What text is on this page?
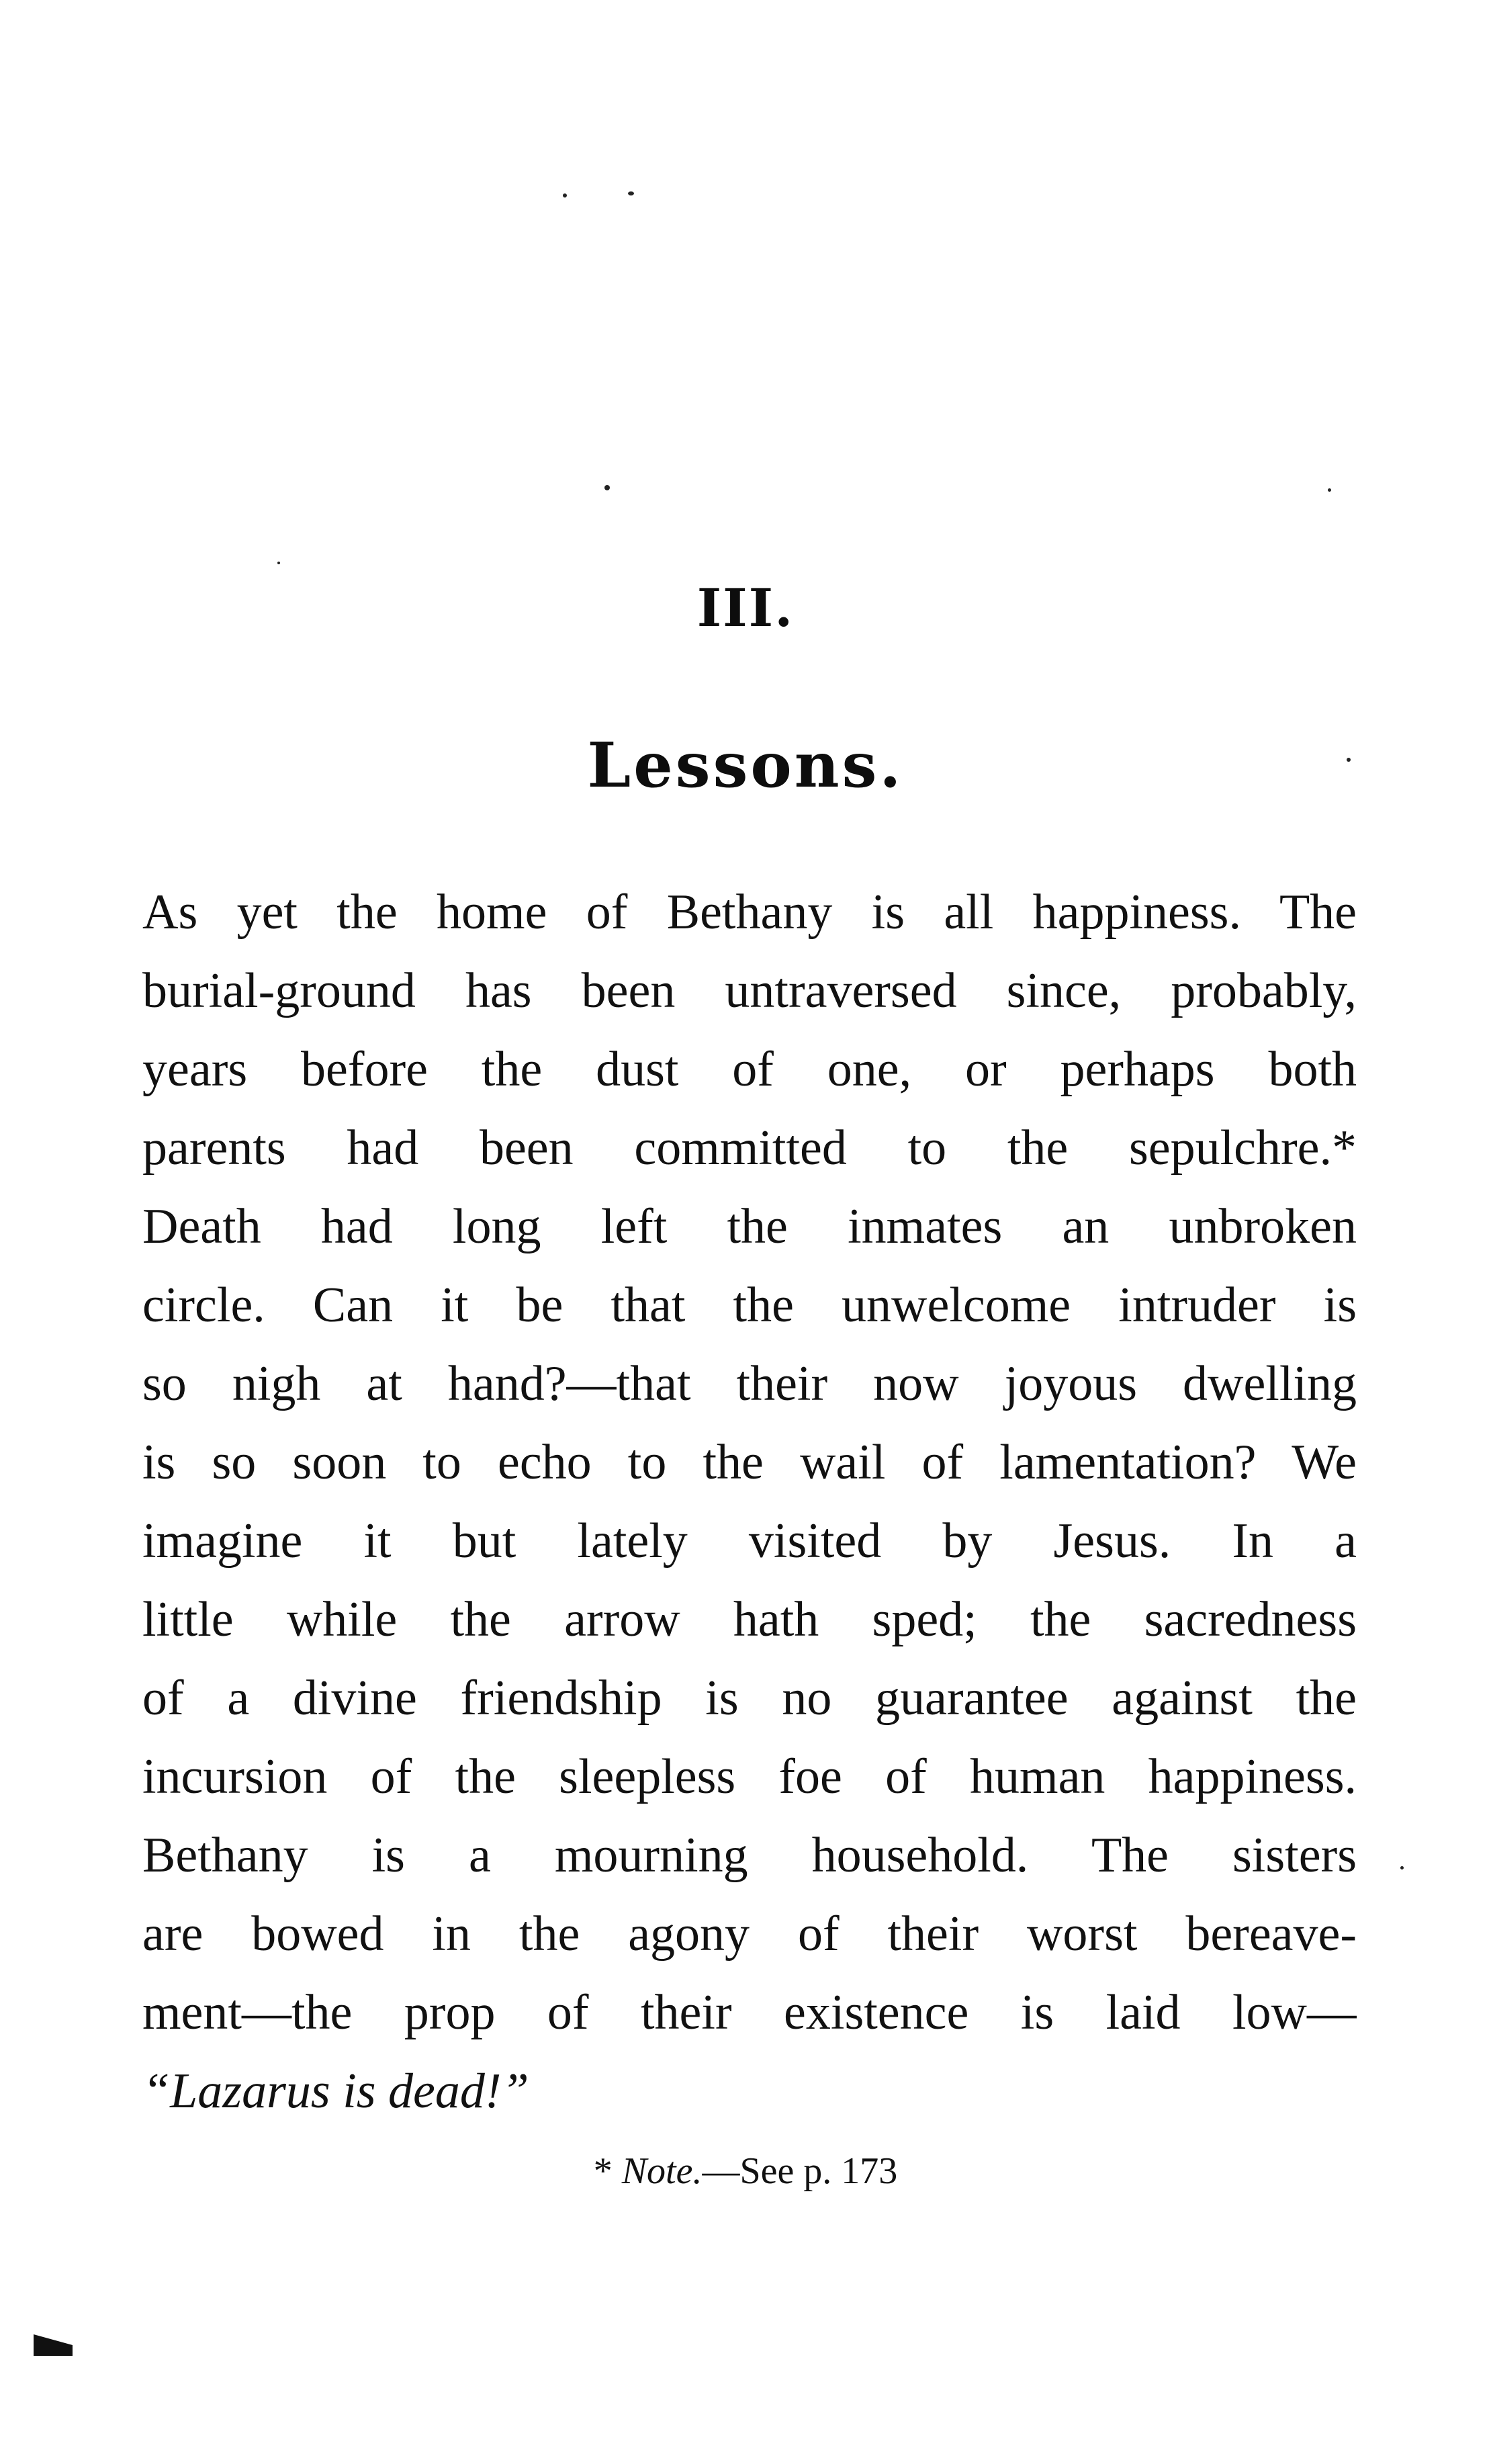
III.
Lessons.
As yet the home of Bethany is all happiness. The
burial-ground has been untraversed since, probably,
years before the dust of one, or perhaps both
parents had been committed to the sepulchre.*
Death had long left the inmates an unbroken
circle. Can it be that the unwelcome intruder is
so nigh at hand?—that their now joyous dwelling
is so soon to echo to the wail of lamentation? We
imagine it but lately visited by Jesus. In a
little while the arrow hath sped; the sacredness
of a divine friendship is no guarantee against the
incursion of the sleepless foe of human happiness.
Bethany is a mourning household. The sisters
are bowed in the agony of their worst bereave-
ment—the prop of their existence is laid low—
“Lazarus is dead!”
* Note.—See p. 173
